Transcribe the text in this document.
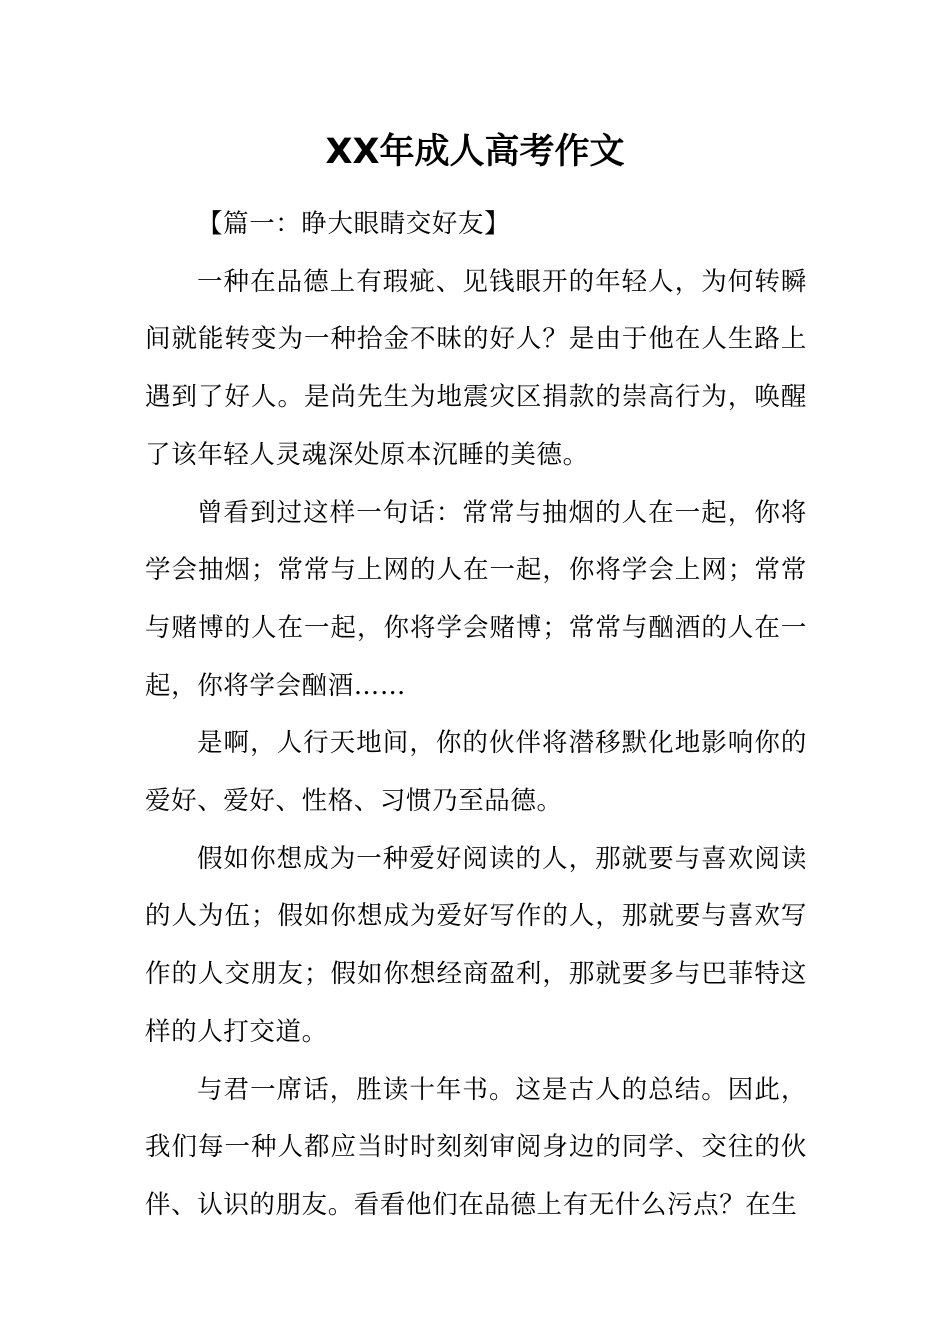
XX年成人高考作文

【篇一：睁大眼睛交好友】

一种在品德上有瑕疵、见钱眼开的年轻人，为何转瞬间就能转变为一种拾金不昧的好人？是由于他在人生路上遇到了好人。是尚先生为地震灾区捐款的崇高行为，唤醒了该年轻人灵魂深处原本沉睡的美德。

曾看到过这样一句话：常常与抽烟的人在一起，你将学会抽烟；常常与上网的人在一起，你将学会上网；常常与赌博的人在一起，你将学会赌博；常常与酗酒的人在一起，你将学会酗酒……

是啊，人行天地间，你的伙伴将潜移默化地影响你的爱好、爱好、性格、习惯乃至品德。

假如你想成为一种爱好阅读的人，那就要与喜欢阅读的人为伍；假如你想成为爱好写作的人，那就要与喜欢写作的人交朋友；假如你想经商盈利，那就要多与巴菲特这样的人打交道。

与君一席话，胜读十年书。这是古人的总结。因此，我们每一种人都应当时时刻刻审阅身边的同学、交往的伙伴、认识的朋友。看看他们在品德上有无什么污点？在生
